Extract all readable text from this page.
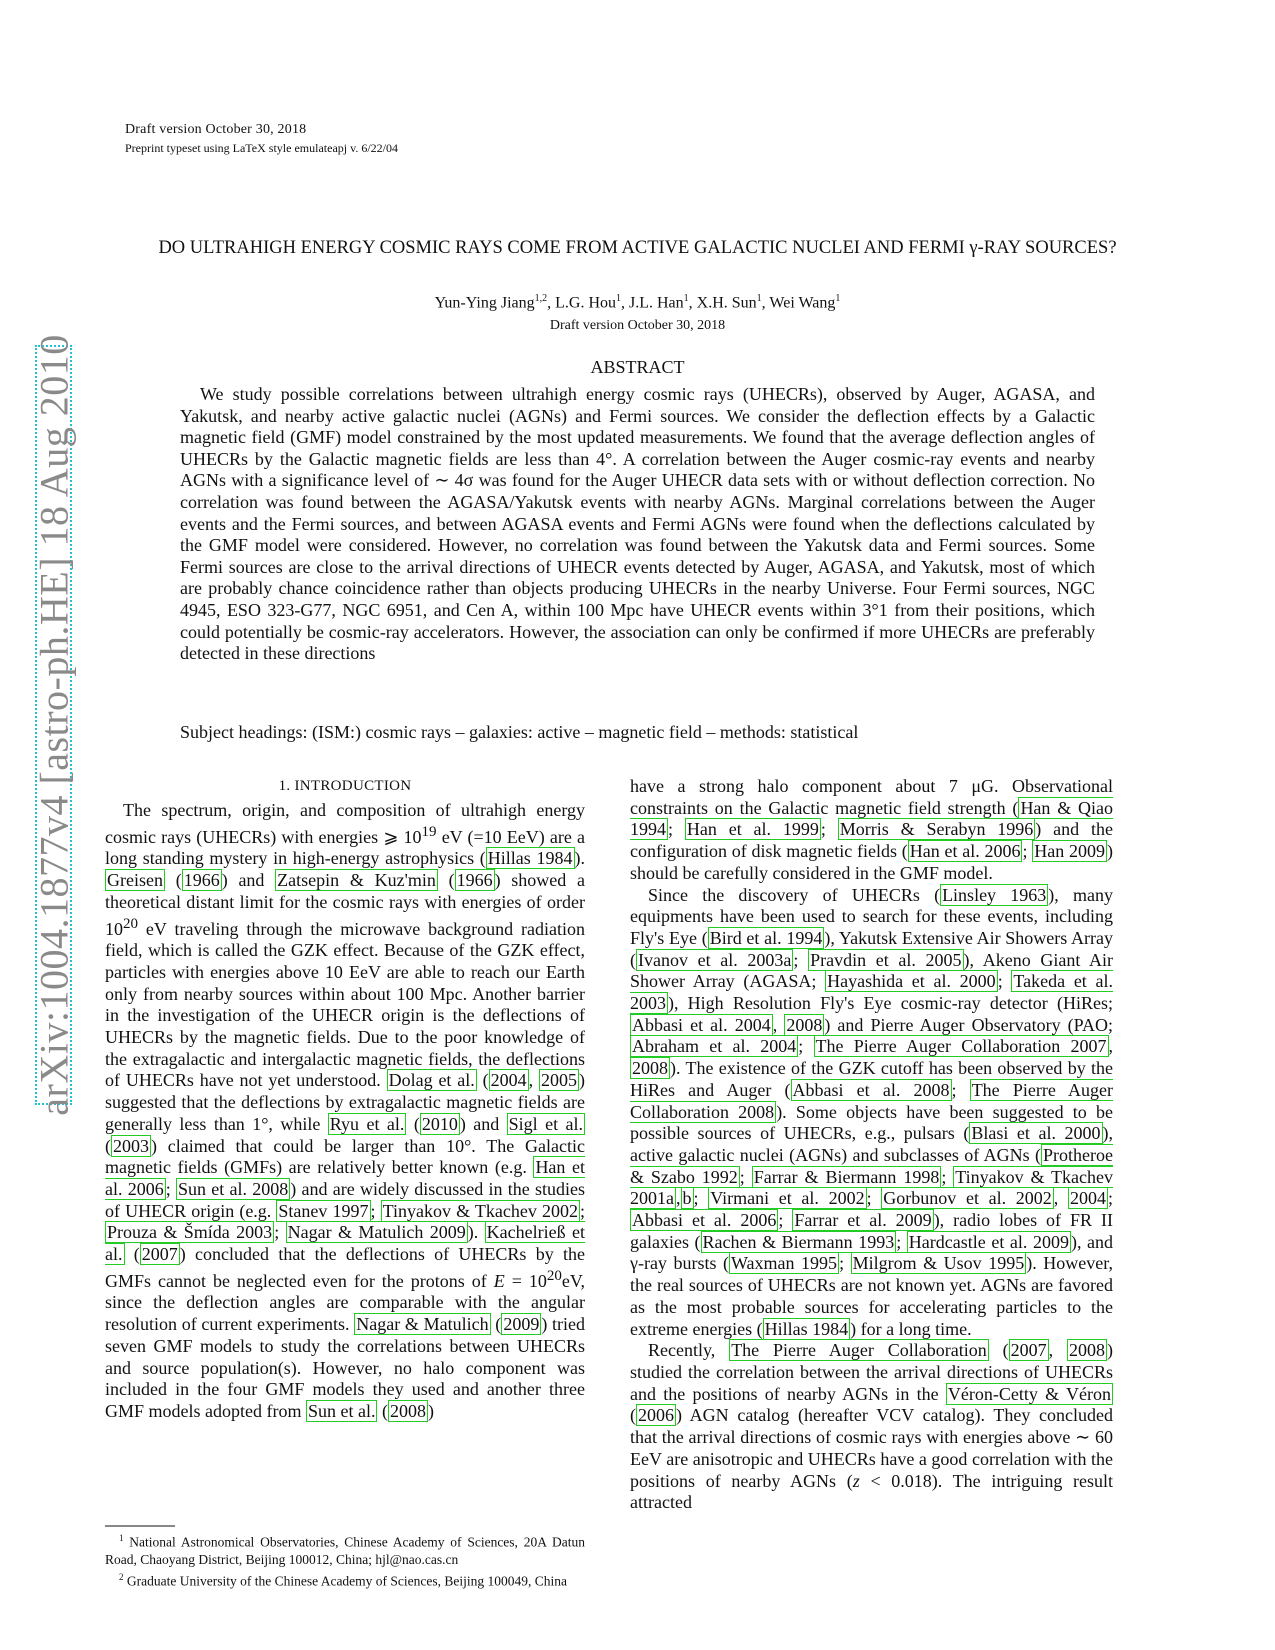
Draft version October 30, 2018
Preprint typeset using LaTeX style emulateapj v. 6/22/04
DO ULTRAHIGH ENERGY COSMIC RAYS COME FROM ACTIVE GALACTIC NUCLEI AND FERMI γ-RAY SOURCES?
Yun-Ying Jiang$^{1,2}$, L.G. Hou$^1$, J.L. Han$^1$, X.H. Sun$^1$, Wei Wang$^1$
Draft version October 30, 2018
ABSTRACT
We study possible correlations between ultrahigh energy cosmic rays (UHECRs), observed by Auger, AGASA, and Yakutsk, and nearby active galactic nuclei (AGNs) and Fermi sources. We consider the deflection effects by a Galactic magnetic field (GMF) model constrained by the most updated measurements. We found that the average deflection angles of UHECRs by the Galactic magnetic fields are less than 4°. A correlation between the Auger cosmic-ray events and nearby AGNs with a significance level of ∼ 4σ was found for the Auger UHECR data sets with or without deflection correction. No correlation was found between the AGASA/Yakutsk events with nearby AGNs. Marginal correlations between the Auger events and the Fermi sources, and between AGASA events and Fermi AGNs were found when the deflections calculated by the GMF model were considered. However, no correlation was found between the Yakutsk data and Fermi sources. Some Fermi sources are close to the arrival directions of UHECR events detected by Auger, AGASA, and Yakutsk, most of which are probably chance coincidence rather than objects producing UHECRs in the nearby Universe. Four Fermi sources, NGC 4945, ESO 323-G77, NGC 6951, and Cen A, within 100 Mpc have UHECR events within 3°1 from their positions, which could potentially be cosmic-ray accelerators. However, the association can only be confirmed if more UHECRs are preferably detected in these directions
Subject headings: (ISM:) cosmic rays – galaxies: active – magnetic field – methods: statistical
arXiv:1004.1877v4 [astro-ph.HE] 18 Aug 2010	1. INTRODUCTION

The spectrum, origin, and composition of ultrahigh energy cosmic rays (UHECRs) with energies ⩾ $10^{19}$ eV (=10 EeV) are a long standing mystery in high-energy astrophysics ( Hillas 1984 ). Greisen ( 1966 ) and Zatsepin & Kuz'min ( 1966 ) showed a theoretical distant limit for the cosmic rays with energies of order $10^{20}$ eV traveling through the microwave background radiation field, which is called the GZK effect. Because of the GZK effect, particles with energies above 10 EeV are able to reach our Earth only from nearby sources within about 100 Mpc. Another barrier in the investigation of the UHECR origin is the deflections of UHECRs by the magnetic fields. Due to the poor knowledge of the extragalactic and intergalactic magnetic fields, the deflections of UHECRs have not yet understood. Dolag et al. ( 2004 , 2005 ) suggested that the deflections by extragalactic magnetic fields are generally less than 1°, while Ryu et al. ( 2010 ) and Sigl et al. ( 2003 ) claimed that could be larger than 10°. The Galactic magnetic fields (GMFs) are relatively better known (e.g. Han et al. 2006 ; Sun et al. 2008 ) and are widely discussed in the studies of UHECR origin (e.g. Stanev 1997 ; Tinyakov & Tkachev 2002 ; Prouza & Šmída 2003 ; Nagar & Matulich 2009 ). Kachelrieß et al. ( 2007 ) concluded that the deflections of UHECRs by the GMFs cannot be neglected even for the protons of $E = 10^{20}eV$, since the deflection angles are comparable with the angular resolution of current experiments. Nagar & Matulich ( 2009 ) tried seven GMF models to study the correlations between UHECRs and source population(s). However, no halo component was included in the four GMF models they used and another three GMF models adopted from Sun et al. ( 2008 )

$^1$ National Astronomical Observatories, Chinese Academy of Sciences, 20A Datun Road, Chaoyang District, Beijing 100012, China; hjl@nao.cas.cn

$^2$ Graduate University of the Chinese Academy of Sciences, Beijing 100049, China

have a strong halo component about 7 μG. Observational constraints on the Galactic magnetic field strength ( Han & Qiao 1994 ; Han et al. 1999 ; Morris & Serabyn 1996 ) and the configuration of disk magnetic fields ( Han et al. 2006 ; Han 2009 ) should be carefully considered in the GMF model.

Since the discovery of UHECRs ( Linsley 1963 ), many equipments have been used to search for these events, including Fly's Eye ( Bird et al. 1994 ), Yakutsk Extensive Air Showers Array ( Ivanov et al. 2003a ; Pravdin et al. 2005 ), Akeno Giant Air Shower Array (AGASA; Hayashida et al. 2000 ; Takeda et al. 2003 ), High Resolution Fly's Eye cosmic-ray detector (HiRes; Abbasi et al. 2004 , 2008 ) and Pierre Auger Observatory (PAO; Abraham et al. 2004 ; The Pierre Auger Collaboration 2007 , 2008 ). The existence of the GZK cutoff has been observed by the HiRes and Auger ( Abbasi et al. 2008 ; The Pierre Auger Collaboration 2008 ). Some objects have been suggested to be possible sources of UHECRs, e.g., pulsars ( Blasi et al. 2000 ), active galactic nuclei (AGNs) and subclasses of AGNs ( Protheroe & Szabo 1992 ; Farrar & Biermann 1998 ; Tinyakov & Tkachev 2001a , b ; Virmani et al. 2002 ; Gorbunov et al. 2002 , 2004 ; Abbasi et al. 2006 ; Farrar et al. 2009 ), radio lobes of FR II galaxies ( Rachen & Biermann 1993 ; Hardcastle et al. 2009 ), and γ-ray bursts ( Waxman 1995 ; Milgrom & Usov 1995 ). However, the real sources of UHECRs are not known yet. AGNs are favored as the most probable sources for accelerating particles to the extreme energies ( Hillas 1984 ) for a long time.

Recently, The Pierre Auger Collaboration ( 2007 , 2008 ) studied the correlation between the arrival directions of UHECRs and the positions of nearby AGNs in the Véron-Cetty & Véron ( 2006 ) AGN catalog (hereafter VCV catalog). They concluded that the arrival directions of cosmic rays with energies above ∼ 60 EeV are anisotropic and UHECRs have a good correlation with the positions of nearby AGNs (z < 0.018). The intriguing result attracted
